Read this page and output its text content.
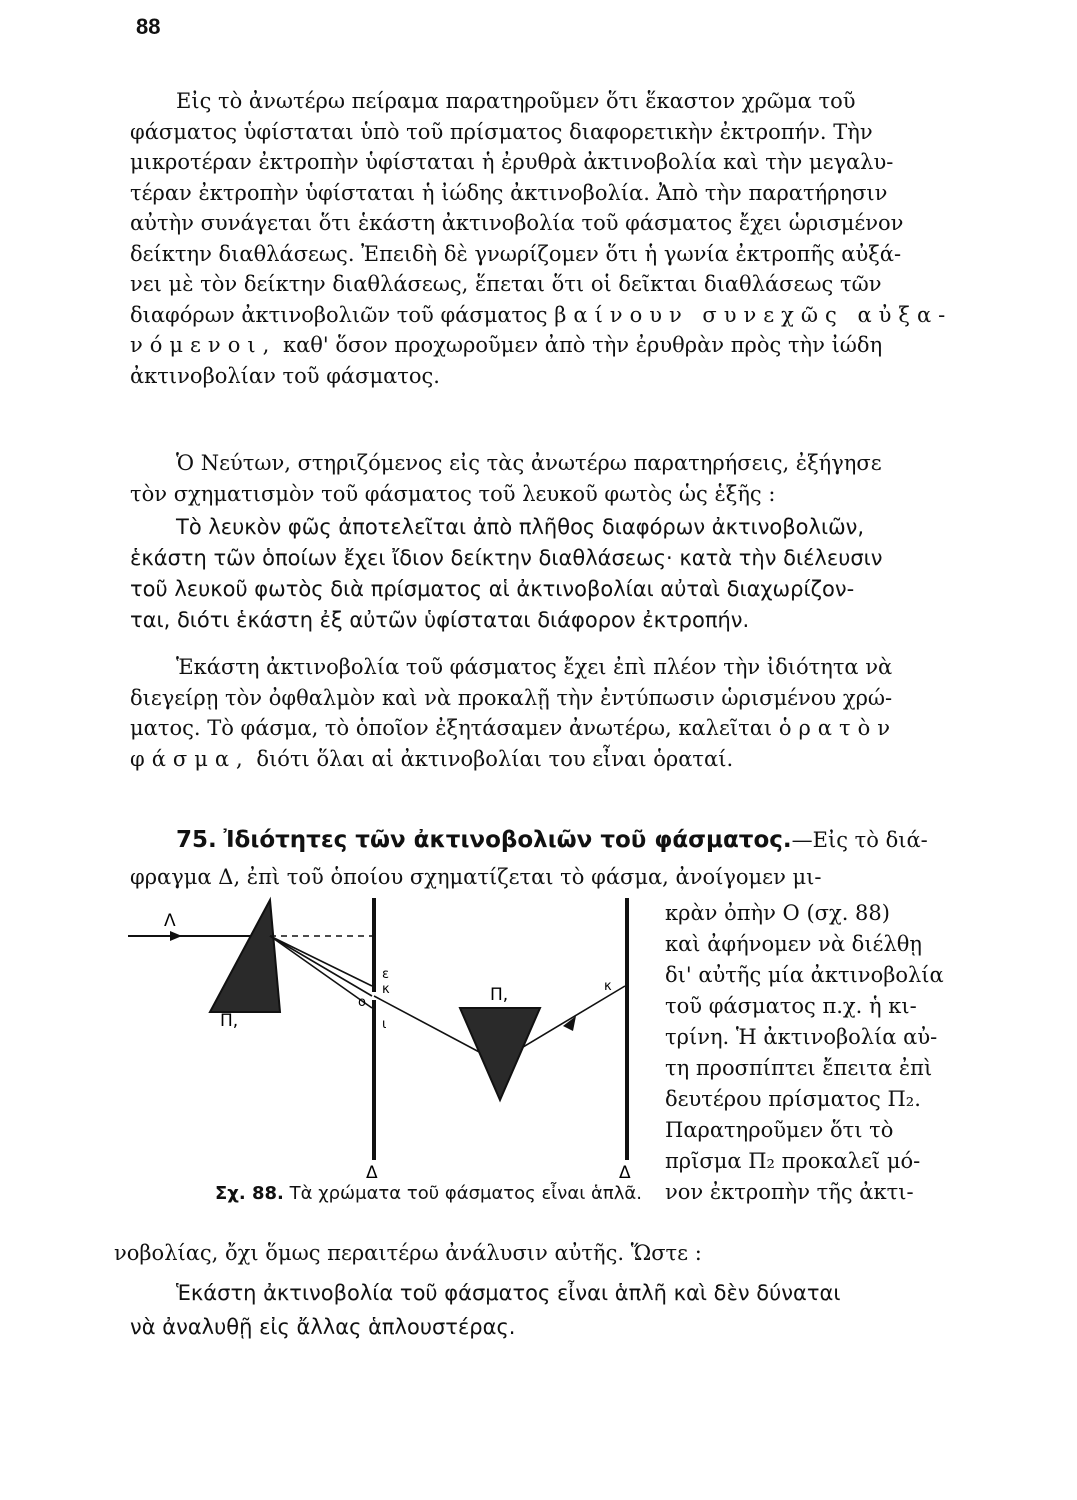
88
Εἰς τὸ ἀνωτέρω πείραμα παρατηροῦμεν ὅτι ἕκαστον χρῶμα τοῦ
φάσματος ὑφίσταται ὑπὸ τοῦ πρίσματος διαφορετικὴν ἐκτροπήν. Τὴν
μικροτέραν ἐκτροπὴν ὑφίσταται ἡ ἐρυθρὰ ἀκτινοβολία καὶ τὴν μεγαλυ-
τέραν ἐκτροπὴν ὑφίσταται ἡ ἰώδης ἀκτινοβολία. Ἀπὸ τὴν παρατήρησιν
αὐτὴν συνάγεται ὅτι ἑκάστη ἀκτινοβολία τοῦ φάσματος ἔχει ὡρισμένον
δείκτην διαθλάσεως. Ἐπειδὴ δὲ γνωρίζομεν ὅτι ἡ γωνία ἐκτροπῆς αὐξά-
νει μὲ τὸν δείκτην διαθλάσεως, ἕπεται ὅτι οἱ δεῖκται διαθλάσεως τῶν
διαφόρων ἀκτινοβολιῶν τοῦ φάσματος βαίνουν συνεχῶς αὐξα-
νόμενοι, καθ' ὅσον προχωροῦμεν ἀπὸ τὴν ἐρυθρὰν πρὸς τὴν ἰώδη
ἀκτινοβολίαν τοῦ φάσματος.
Ὁ Νεύτων, στηριζόμενος εἰς τὰς ἀνωτέρω παρατηρήσεις, ἐξήγησε
τὸν σχηματισμὸν τοῦ φάσματος τοῦ λευκοῦ φωτὸς ὡς ἑξῆς :
Τὸ λευκὸν φῶς ἀποτελεῖται ἀπὸ πλῆθος διαφόρων ἀκτινοβολιῶν,
ἑκάστη τῶν ὁποίων ἔχει ἴδιον δείκτην διαθλάσεως· κατὰ τὴν διέλευσιν
τοῦ λευκοῦ φωτὸς διὰ πρίσματος αἱ ἀκτινοβολίαι αὐταὶ διαχωρίζον-
ται, διότι ἑκάστη ἐξ αὐτῶν ὑφίσταται διάφορον ἐκτροπήν.
Ἑκάστη ἀκτινοβολία τοῦ φάσματος ἔχει ἐπὶ πλέον τὴν ἰδιότητα νὰ
διεγείρῃ τὸν ὀφθαλμὸν καὶ νὰ προκαλῇ τὴν ἐντύπωσιν ὡρισμένου χρώ-
ματος. Τὸ φάσμα, τὸ ὁποῖον ἐξητάσαμεν ἀνωτέρω, καλεῖται ὁρατὸν
φάσμα, διότι ὅλαι αἱ ἀκτινοβολίαι του εἶναι ὁραταί.
75. Ἰδιότητες τῶν ἀκτινοβολιῶν τοῦ φάσματος.—Εἰς τὸ διά-
φραγμα Δ, ἐπὶ τοῦ ὁποίου σχηματίζεται τὸ φάσμα, ἀνοίγομεν μι-
κρὰν ὀπὴν Ο (σχ. 88)
καὶ ἀφήνομεν νὰ διέλθῃ
δι' αὐτῆς μία ἀκτινοβολία
τοῦ φάσματος π.χ. ἡ κι-
τρίνη. Ἡ ἀκτινοβολία αὐ-
τη προσπίπτει ἔπειτα ἐπὶ
δευτέρου πρίσματος Π₂.
Παρατηροῦμεν ὅτι τὸ
πρῖσμα Π₂ προκαλεῖ μό-
νον ἐκτροπὴν τῆς ἀκτι-
Λ
Π,
Δ
ε
κ
ο
ι
Π,
Δ
κ
Σχ. 88. Τὰ χρώματα τοῦ φάσματος εἶναι ἁπλᾶ.
νοβολίας, ὄχι ὅμως περαιτέρω ἀνάλυσιν αὐτῆς. Ὥστε :
Ἑκάστη ἀκτινοβολία τοῦ φάσματος εἶναι ἁπλῆ καὶ δὲν δύναται
νὰ ἀναλυθῇ εἰς ἄλλας ἁπλουστέρας.
